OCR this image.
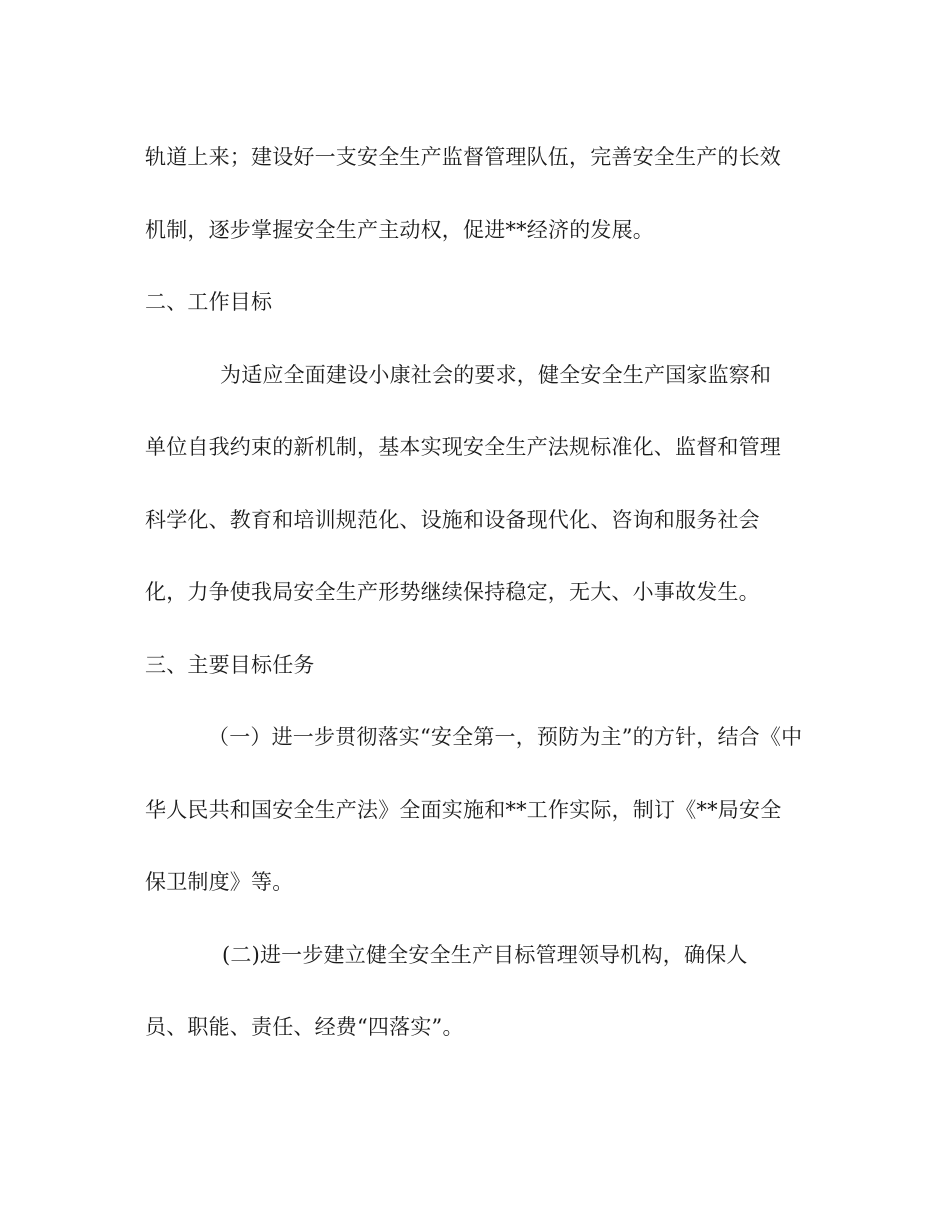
轨道上来；建设好一支安全生产监督管理队伍，完善安全生产的长效
机制，逐步掌握安全生产主动权，促进**经济的发展。
二、工作目标
为适应全面建设小康社会的要求，健全安全生产国家监察和
单位自我约束的新机制，基本实现安全生产法规标准化、监督和管理
科学化、教育和培训规范化、设施和设备现代化、咨询和服务社会
化，力争使我局安全生产形势继续保持稳定，无大、小事故发生。
三、主要目标任务
（一）进一步贯彻落实“安全第一，预防为主”的方针，结合《中
华人民共和国安全生产法》全面实施和**工作实际，制订《**局安全
保卫制度》等。
(二)进一步建立健全安全生产目标管理领导机构，确保人
员、职能、责任、经费“四落实”。
